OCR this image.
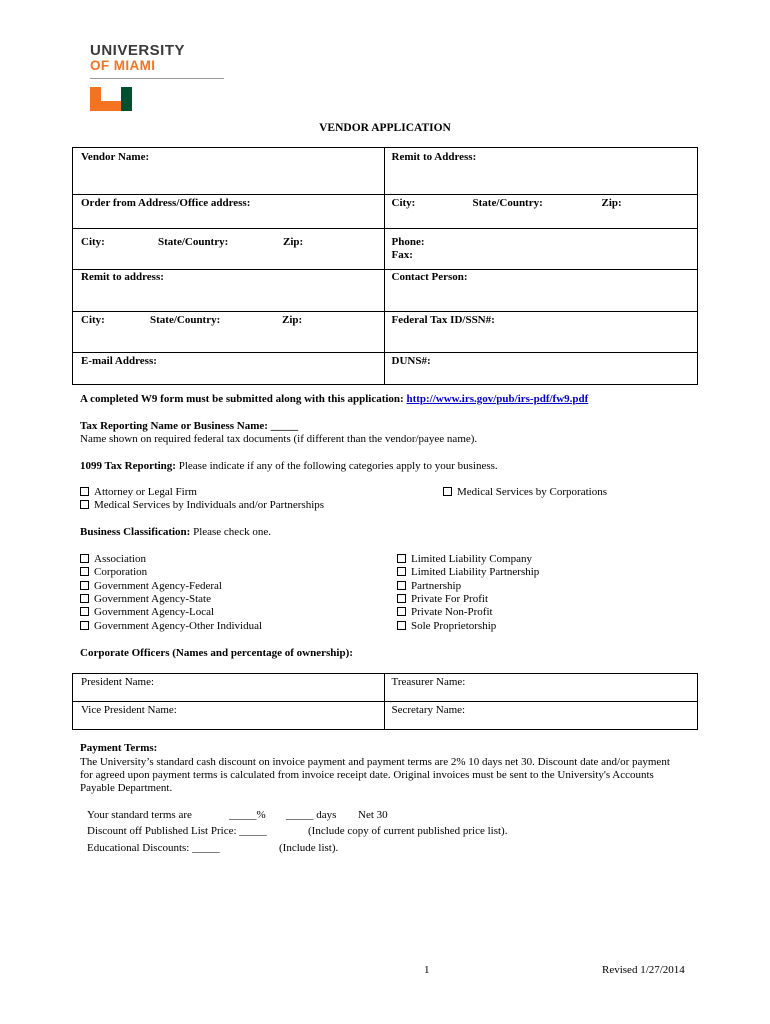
UNIVERSITY
OF MIAMI
VENDOR APPLICATION
Vendor Name:	Remit to Address:

Order from Address/Office address:	City: State/Country: Zip:

City: State/Country: Zip:	Phone:
Fax:

Remit to address:	Contact Person:

City: State/Country: Zip:	Federal Tax ID/SSN#:

E-mail Address:	DUNS#:
A completed W9 form must be submitted along with this application: http://www.irs.gov/pub/irs-pdf/fw9.pdf
Tax Reporting Name or Business Name: _____
Name shown on required federal tax documents (if different than the vendor/payee name).
1099 Tax Reporting: Please indicate if any of the following categories apply to your business.
Attorney or Legal Firm
Medical Services by Individuals and/or Partnerships
Medical Services by Corporations
Business Classification: Please check one.
Association
Corporation
Government Agency-Federal
Government Agency-State
Government Agency-Local
Government Agency-Other Individual
Limited Liability Company
Limited Liability Partnership
Partnership
Private For Profit
Private Non-Profit
Sole Proprietorship
Corporate Officers (Names and percentage of ownership):
President Name:	Treasurer Name:

Vice President Name:	Secretary Name:
Payment Terms:
The University’s standard cash discount on invoice payment and payment terms are 2% 10 days net 30. Discount date and/or payment
for agreed upon payment terms is calculated from invoice receipt date. Original invoices must be sent to the University's Accounts
Payable Department.
Your standard terms are	_____% _____ days Net 30
Discount off Published List Price: _____	(Include copy of current published price list).
Educational Discounts: _____	(Include list).
1	Revised 1/27/2014
